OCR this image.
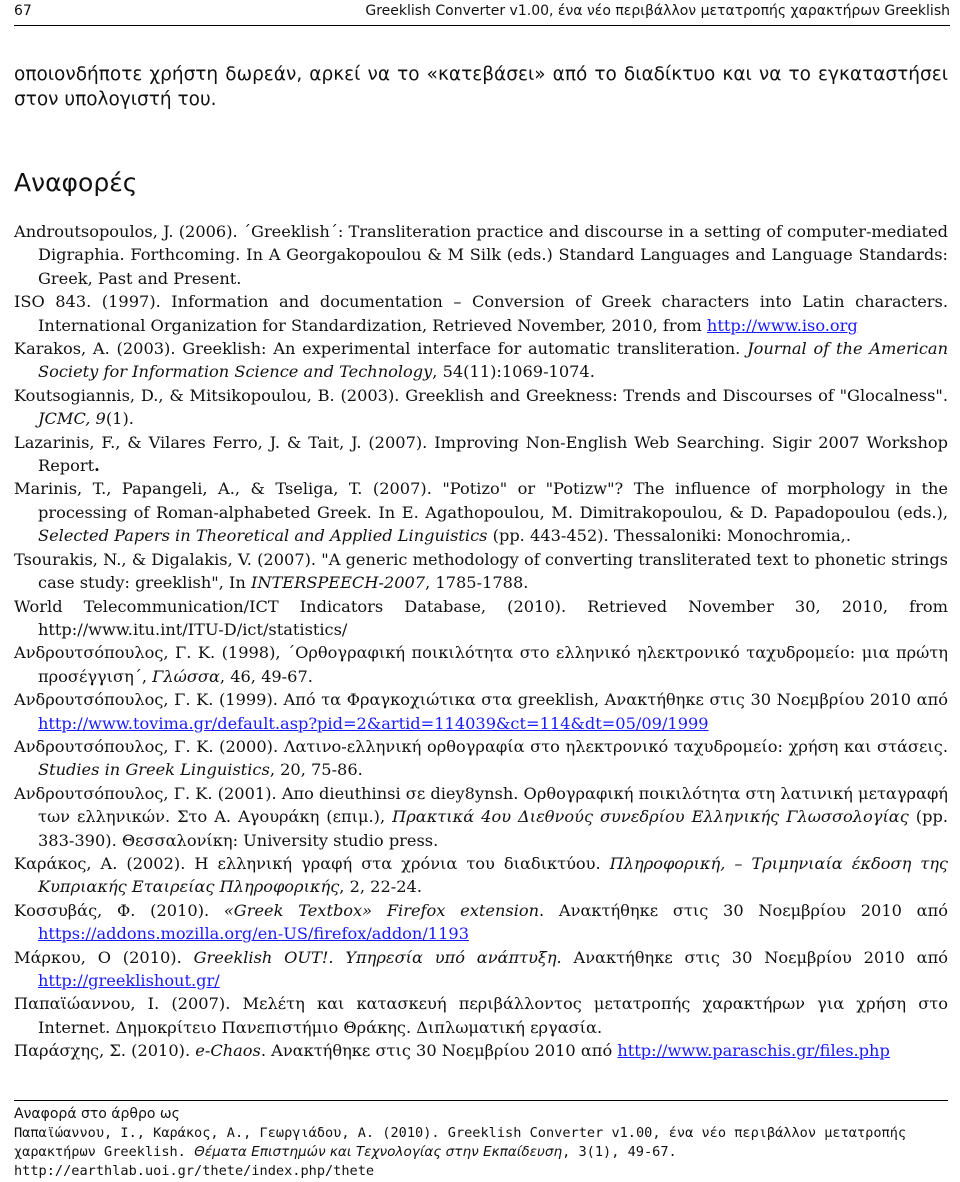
67	Greeklish Converter v1.00, ένα νέο περιβάλλον μετατροπής χαρακτήρων Greeklish
οποιονδήποτε χρήστη δωρεάν, αρκεί να το «κατεβάσει» από το διαδίκτυο και να το εγκαταστήσει στον υπολογιστή του.
Αναφορές
Androutsopoulos, J. (2006). ΄Greeklish΄: Transliteration practice and discourse in a setting of computer-mediated Digraphia. Forthcoming. In A Georgakopoulou & M Silk (eds.) Standard Languages and Language Standards: Greek, Past and Present.
ISO 843. (1997). Information and documentation – Conversion of Greek characters into Latin characters. International Organization for Standardization, Retrieved November, 2010, from http://www.iso.org
Karakos, A. (2003). Greeklish: An experimental interface for automatic transliteration. Journal of the American Society for Information Science and Technology, 54(11):1069-1074.
Koutsogiannis, D., & Mitsikopoulou, B. (2003). Greeklish and Greekness: Trends and Discourses of "Glocalness". JCMC, 9(1).
Lazarinis, F., & Vilares Ferro, J. & Tait, J. (2007). Improving Non-English Web Searching. Sigir 2007 Workshop Report.
Marinis, T., Papangeli, A., & Tseliga, T. (2007). "Potizo" or "Potizw"? The influence of morphology in the processing of Roman-alphabeted Greek. In E. Agathopoulou, M. Dimitrakopoulou, & D. Papadopoulou (eds.), Selected Papers in Theoretical and Applied Linguistics (pp. 443-452). Thessaloniki: Monochromia,.
Tsourakis, N., & Digalakis, V. (2007). "A generic methodology of converting transliterated text to phonetic strings case study: greeklish", In INTERSPEECH-2007, 1785-1788.
World Telecommunication/ICT Indicators Database, (2010). Retrieved November 30, 2010, from http://www.itu.int/ITU-D/ict/statistics/
Ανδρουτσόπουλος, Γ. Κ. (1998), ΄Ορθογραφική ποικιλότητα στο ελληνικό ηλεκτρονικό ταχυδρομείο: μια πρώτη προσέγγιση΄, Γλώσσα, 46, 49-67.
Ανδρουτσόπουλος, Γ. Κ. (1999). Από τα Φραγκοχιώτικα στα greeklish, Ανακτήθηκε στις 30 Νοεμβρίου 2010 από http://www.tovima.gr/default.asp?pid=2&artid=114039&ct=114&dt=05/09/1999
Ανδρουτσόπουλος, Γ. Κ. (2000). Λατινο-ελληνική ορθογραφία στο ηλεκτρονικό ταχυδρομείο: χρήση και στάσεις. Studies in Greek Linguistics, 20, 75-86.
Ανδρουτσόπουλος, Γ. Κ. (2001). Απο dieuthinsi σε diey8ynsh. Ορθογραφική ποικιλότητα στη λατινική μεταγραφή των ελληνικών. Στο Α. Αγουράκη (επιμ.), Πρακτικά 4ου Διεθνούς συνεδρίου Ελληνικής Γλωσσολογίας (pp. 383-390). Θεσσαλονίκη: University studio press.
Καράκος, Α. (2002). Η ελληνική γραφή στα χρόνια του διαδικτύου. Πληροφορική, – Τριμηνιαία έκδοση της Κυπριακής Εταιρείας Πληροφορικής, 2, 22-24.
Κοσσυβάς, Φ. (2010). «Greek Textbox» Firefox extension. Ανακτήθηκε στις 30 Νοεμβρίου 2010 από https://addons.mozilla.org/en-US/firefox/addon/1193
Μάρκου, Ο (2010). Greeklish OUT!. Υπηρεσία υπό ανάπτυξη. Ανακτήθηκε στις 30 Νοεμβρίου 2010 από http://greeklishout.gr/
Παπαϊώαννου, Ι. (2007). Μελέτη και κατασκευή περιβάλλοντος μετατροπής χαρακτήρων για χρήση στο Internet. Δημοκρίτειο Πανεπιστήμιο Θράκης. Διπλωματική εργασία.
Παράσχης, Σ. (2010). e-Chaos. Ανακτήθηκε στις 30 Νοεμβρίου 2010 από http://www.paraschis.gr/files.php
Αναφορά στο άρθρο ως
Παπαϊώαννου, Ι., Καράκος, Α., Γεωργιάδου, Α. (2010). Greeklish Converter v1.00, ένα νέο περιβάλλον μετατροπής
χαρακτήρων Greeklish. Θέματα Επιστημών και Τεχνολογίας στην Εκπαίδευση, 3(1), 49-67.
http://earthlab.uoi.gr/thete/index.php/thete
